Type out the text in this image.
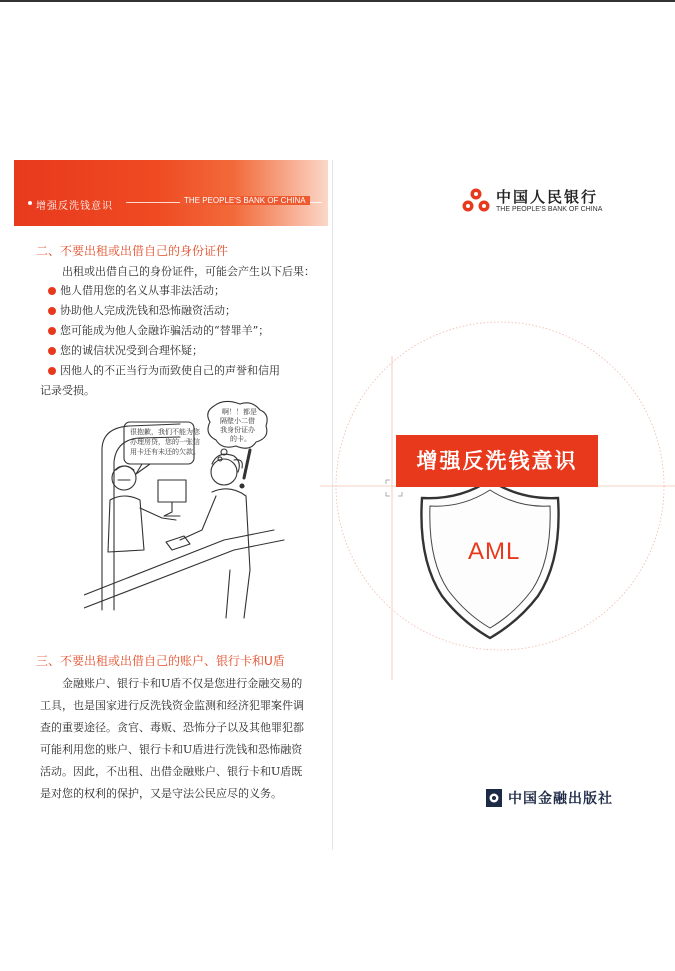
增强反洗钱意识
THE PEOPLE'S BANK OF CHINA
二、不要出租或出借自己的身份证件
出租或出借自己的身份证件，可能会产生以下后果：
他人借用您的名义从事非法活动；
协助他人完成洗钱和恐怖融资活动；
您可能成为他人金融诈骗活动的“替罪羊”；
您的诚信状况受到合理怀疑；
因他人的不正当行为而致使自己的声誉和信用
记录受损。
很抱歉，我们不能为您
办理房贷，您的一张信
用卡还有未还的欠款。
啊！！都是
隔壁小二借
我身份证办
的卡。
三、不要出租或出借自己的账户、银行卡和U盾
金融账户、银行卡和U盾不仅是您进行金融交易的
工具，也是国家进行反洗钱资金监测和经济犯罪案件调
查的重要途径。贪官、毒贩、恐怖分子以及其他罪犯都
可能利用您的账户、银行卡和U盾进行洗钱和恐怖融资
活动。因此，不出租、出借金融账户、银行卡和U盾既
是对您的权利的保护，又是守法公民应尽的义务。
中国人民银行
THE PEOPLE'S BANK OF CHINA
增强反洗钱意识
AML
中国金融出版社
